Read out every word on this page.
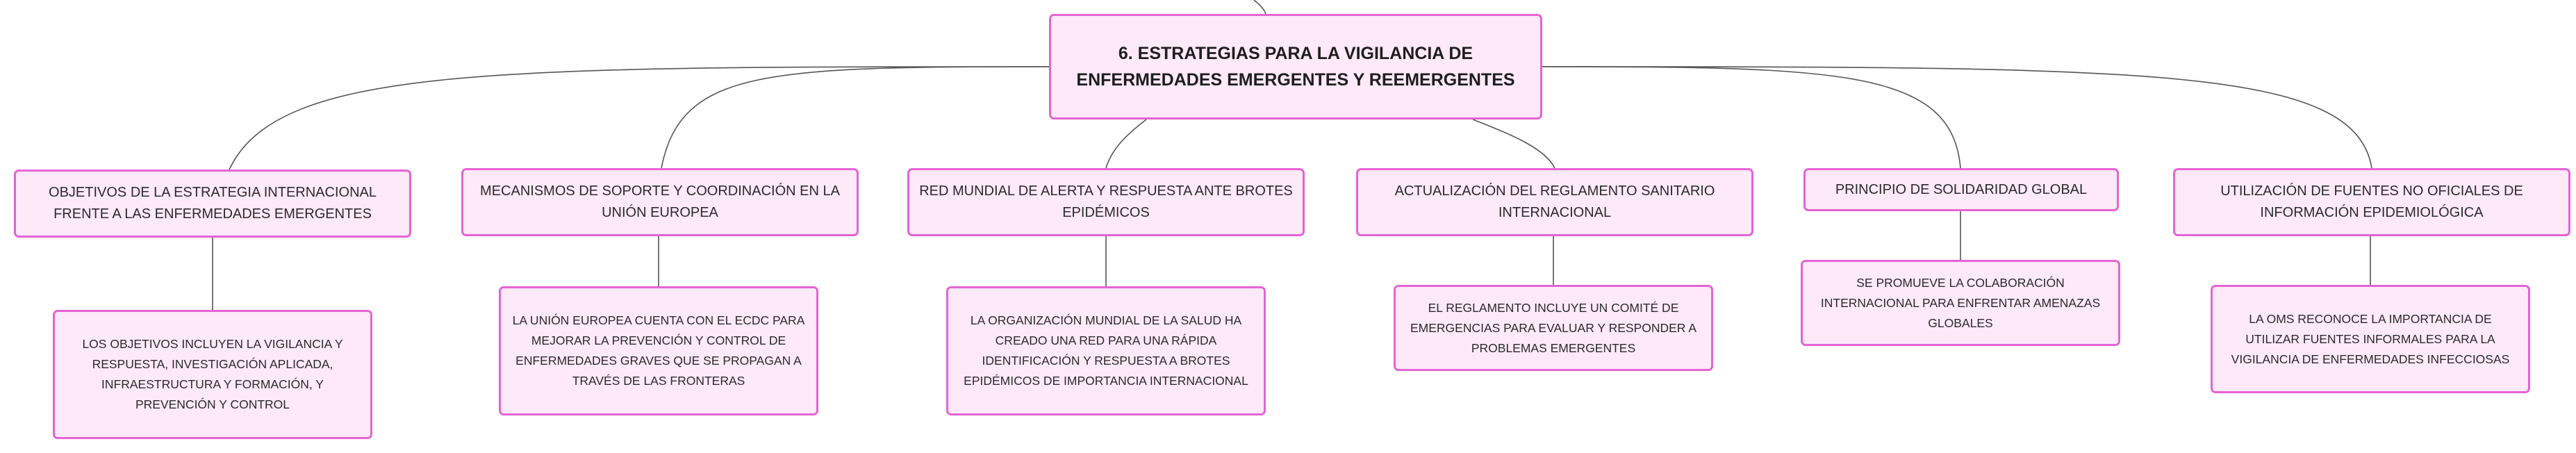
6. ESTRATEGIAS PARA LA VIGILANCIA DE ENFERMEDADES EMERGENTES Y REEMERGENTES
OBJETIVOS DE LA ESTRATEGIA INTERNACIONAL FRENTE A LAS ENFERMEDADES EMERGENTES
MECANISMOS DE SOPORTE Y COORDINACIÓN EN LA UNIÓN EUROPEA
RED MUNDIAL DE ALERTA Y RESPUESTA ANTE BROTES EPIDÉMICOS
ACTUALIZACIÓN DEL REGLAMENTO SANITARIO INTERNACIONAL
PRINCIPIO DE SOLIDARIDAD GLOBAL	UTILIZACIÓN DE FUENTES NO OFICIALES DE INFORMACIÓN EPIDEMIOLÓGICA
LOS OBJETIVOS INCLUYEN LA VIGILANCIA Y RESPUESTA, INVESTIGACIÓN APLICADA, INFRAESTRUCTURA Y FORMACIÓN, Y PREVENCIÓN Y CONTROL
LA UNIÓN EUROPEA CUENTA CON EL ECDC PARA MEJORAR LA PREVENCIÓN Y CONTROL DE ENFERMEDADES GRAVES QUE SE PROPAGAN A TRAVÉS DE LAS FRONTERAS
LA ORGANIZACIÓN MUNDIAL DE LA SALUD HA CREADO UNA RED PARA UNA RÁPIDA IDENTIFICACIÓN Y RESPUESTA A BROTES EPIDÉMICOS DE IMPORTANCIA INTERNACIONAL
EL REGLAMENTO INCLUYE UN COMITÉ DE EMERGENCIAS PARA EVALUAR Y RESPONDER A PROBLEMAS EMERGENTES
SE PROMUEVE LA COLABORACIÓN INTERNACIONAL PARA ENFRENTAR AMENAZAS GLOBALES	LA OMS RECONOCE LA IMPORTANCIA DE UTILIZAR FUENTES INFORMALES PARA LA VIGILANCIA DE ENFERMEDADES INFECCIOSAS
